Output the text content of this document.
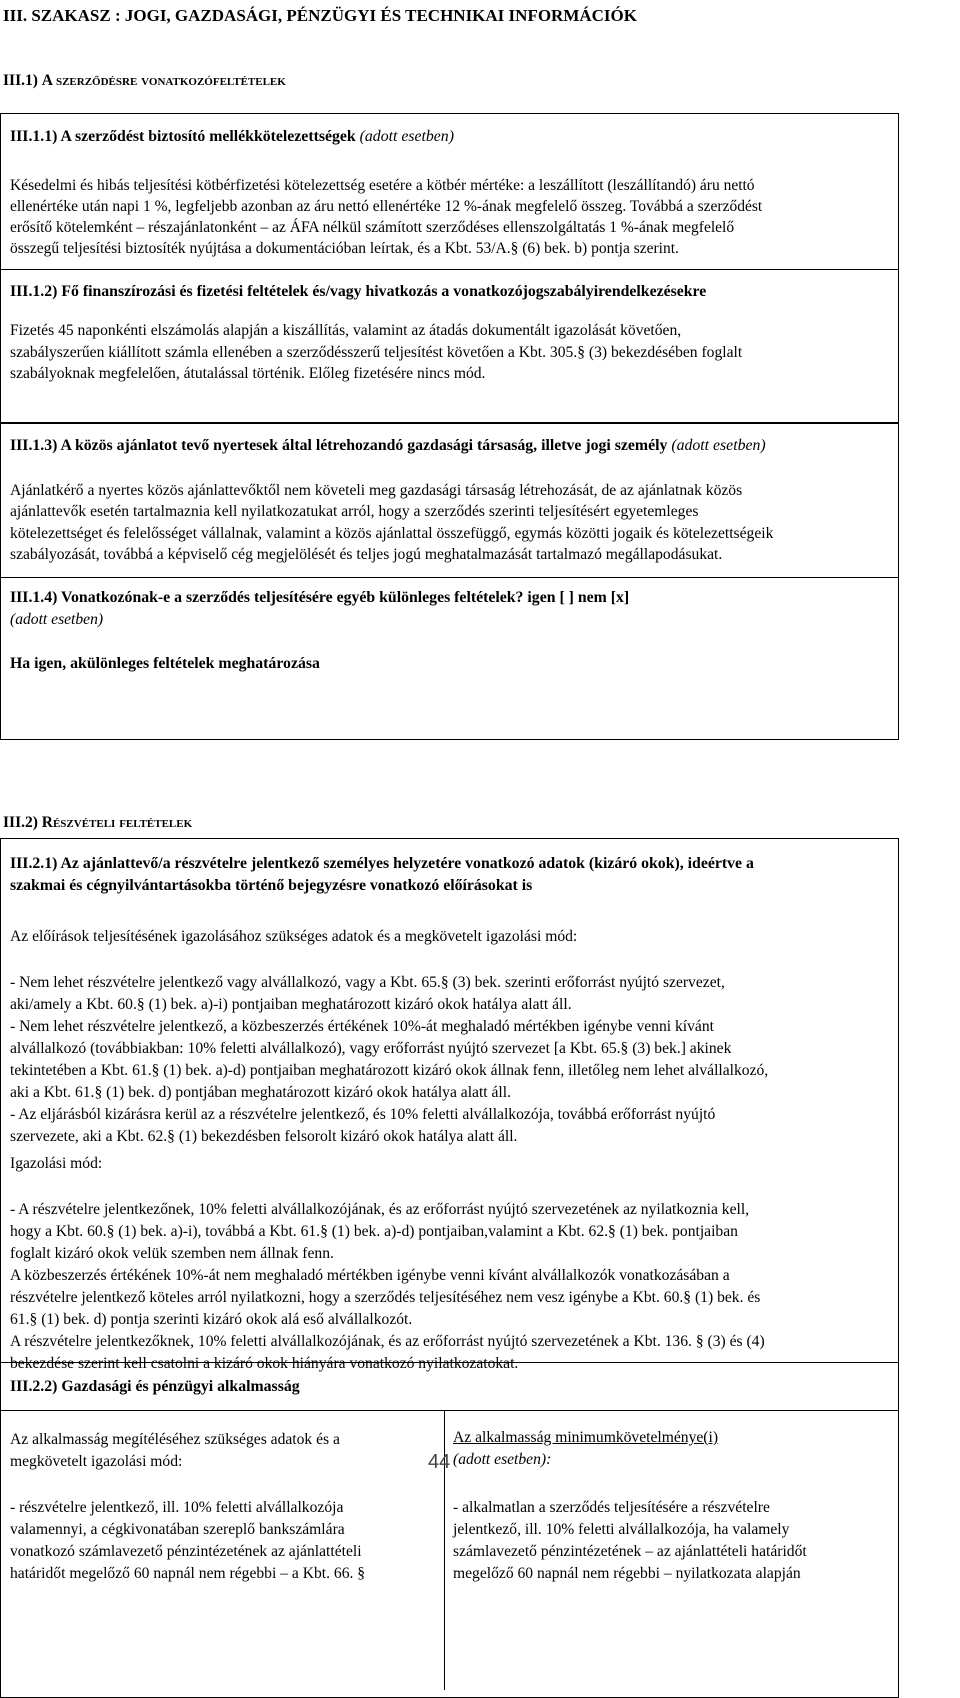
III. SZAKASZ : JOGI, GAZDASÁGI, PÉNZÜGYI ÉS TECHNIKAI INFORMÁCIÓK

III.1) A szerződésre vonatkozófeltételek

III.1.1) A szerződést biztosító mellékkötelezettségek (adott esetben)

Késedelmi és hibás teljesítési kötbérfizetési kötelezettség esetére a kötbér mértéke: a leszállított (leszállítandó) áru nettó
ellenértéke után napi 1 %, legfeljebb azonban az áru nettó ellenértéke 12 %-ának megfelelő összeg. Továbbá a szerződést
erősítő kötelemként – részajánlatonként – az ÁFA nélkül számított szerződéses ellenszolgáltatás 1 %-ának megfelelő
összegű teljesítési biztosíték nyújtása a dokumentációban leírtak, és a Kbt. 53/A.§ (6) bek. b) pontja szerint.

III.1.2) Fő finanszírozási és fizetési feltételek és/vagy hivatkozás a vonatkozójogszabályirendelkezésekre

Fizetés 45 naponkénti elszámolás alapján a kiszállítás, valamint az átadás dokumentált igazolását követően,
szabályszerűen kiállított számla ellenében a szerződésszerű teljesítést követően a Kbt. 305.§ (3) bekezdésében foglalt
szabályoknak megfelelően, átutalással történik. Előleg fizetésére nincs mód.

III.1.3) A közös ajánlatot tevő nyertesek által létrehozandó gazdasági társaság, illetve jogi személy (adott esetben)

Ajánlatkérő a nyertes közös ajánlattevőktől nem követeli meg gazdasági társaság létrehozását, de az ajánlatnak közös
ajánlattevők esetén tartalmaznia kell nyilatkozatukat arról, hogy a szerződés szerinti teljesítésért egyetemleges
kötelezettséget és felelősséget vállalnak, valamint a közös ajánlattal összefüggő, egymás közötti jogaik és kötelezettségeik
szabályozását, továbbá a képviselő cég megjelölését és teljes jogú meghatalmazását tartalmazó megállapodásukat.

III.1.4) Vonatkozónak-e a szerződés teljesítésére egyéb különleges feltételek? igen [ ] nem [x]

(adott esetben)

Ha igen, akülönleges feltételek meghatározása

III.2) Részvételi feltételek

III.2.1) Az ajánlattevő/a részvételre jelentkező személyes helyzetére vonatkozó adatok (kizáró okok), ideértve a
szakmai és cégnyilvántartásokba történő bejegyzésre vonatkozó előírásokat is

Az előírások teljesítésének igazolásához szükséges adatok és a megkövetelt igazolási mód:

- Nem lehet részvételre jelentkező vagy alvállalkozó, vagy a Kbt. 65.§ (3) bek. szerinti erőforrást nyújtó szervezet,
aki/amely a Kbt. 60.§ (1) bek. a)-i) pontjaiban meghatározott kizáró okok hatálya alatt áll.
- Nem lehet részvételre jelentkező, a közbeszerzés értékének 10%-át meghaladó mértékben igénybe venni kívánt
alvállalkozó (továbbiakban: 10% feletti alvállalkozó), vagy erőforrást nyújtó szervezet [a Kbt. 65.§ (3) bek.] akinek
tekintetében a Kbt. 61.§ (1) bek. a)-d) pontjaiban meghatározott kizáró okok állnak fenn, illetőleg nem lehet alvállalkozó,
aki a Kbt. 61.§ (1) bek. d) pontjában meghatározott kizáró okok hatálya alatt áll.
- Az eljárásból kizárásra kerül az a részvételre jelentkező, és 10% feletti alvállalkozója, továbbá erőforrást nyújtó
szervezete, aki a Kbt. 62.§ (1) bekezdésben felsorolt kizáró okok hatálya alatt áll.

Igazolási mód:

- A részvételre jelentkezőnek, 10% feletti alvállalkozójának, és az erőforrást nyújtó szervezetének az nyilatkoznia kell,
hogy a Kbt. 60.§ (1) bek. a)-i), továbbá a Kbt. 61.§ (1) bek. a)-d) pontjaiban,valamint a Kbt. 62.§ (1) bek. pontjaiban
foglalt kizáró okok velük szemben nem állnak fenn.
A közbeszerzés értékének 10%-át nem meghaladó mértékben igénybe venni kívánt alvállalkozók vonatkozásában a
részvételre jelentkező köteles arról nyilatkozni, hogy a szerződés teljesítéséhez nem vesz igénybe a Kbt. 60.§ (1) bek. és
61.§ (1) bek. d) pontja szerinti kizáró okok alá eső alvállalkozót.
A részvételre jelentkezőknek, 10% feletti alvállalkozójának, és az erőforrást nyújtó szervezetének a Kbt. 136. § (3) és (4)
bekezdése szerint kell csatolni a kizáró okok hiányára vonatkozó nyilatkozatokat.

III.2.2) Gazdasági és pénzügyi alkalmasság

Az alkalmasság megítéléséhez szükséges adatok és a
megkövetelt igazolási mód:
- részvételre jelentkező, ill. 10% feletti alvállalkozója
valamennyi, a cégkivonatában szereplő bankszámlára
vonatkozó számlavezető pénzintézetének az ajánlattételi
határidőt megelőző 60 napnál nem régebbi – a Kbt. 66. §

Az alkalmasság minimumkövetelménye(i)

(adott esetben):

- alkalmatlan a szerződés teljesítésére a részvételre
jelentkező, ill. 10% feletti alvállalkozója, ha valamely
számlavezető pénzintézetének – az ajánlattételi határidőt
megelőző 60 napnál nem régebbi – nyilatkozata alapján

44
